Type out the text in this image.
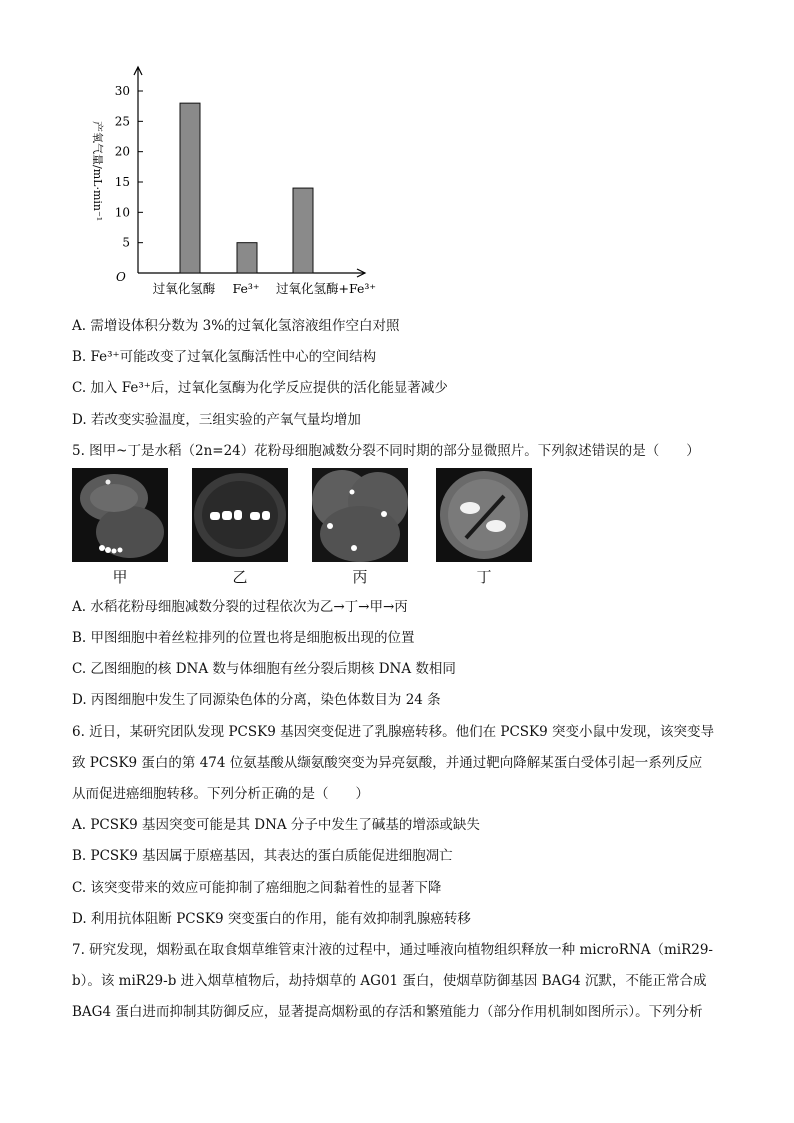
5
10
15
20
25
30
O
产氧气量/mL·min⁻¹
过氧化氢酶 Fe³⁺ 过氧化氢酶+Fe³⁺
A. 需增设体积分数为 3%的过氧化氢溶液组作空白对照
B. Fe³⁺可能改变了过氧化氢酶活性中心的空间结构
C. 加入 Fe³⁺后，过氧化氢酶为化学反应提供的活化能显著减少
D. 若改变实验温度，三组实验的产氧气量均增加
5. 图甲~丁是水稻（2n=24）花粉母细胞减数分裂不同时期的部分显微照片。下列叙述错误的是（　　）
甲	乙	丙	丁
A. 水稻花粉母细胞减数分裂的过程依次为乙→丁→甲→丙
B. 甲图细胞中着丝粒排列的位置也将是细胞板出现的位置
C. 乙图细胞的核 DNA 数与体细胞有丝分裂后期核 DNA 数相同
D. 丙图细胞中发生了同源染色体的分离，染色体数目为 24 条
6. 近日，某研究团队发现 PCSK9 基因突变促进了乳腺癌转移。他们在 PCSK9 突变小鼠中发现，该突变导
致 PCSK9 蛋白的第 474 位氨基酸从缬氨酸突变为异亮氨酸，并通过靶向降解某蛋白受体引起一系列反应
从而促进癌细胞转移。下列分析正确的是（　　）
A. PCSK9 基因突变可能是其 DNA 分子中发生了碱基的增添或缺失
B. PCSK9 基因属于原癌基因，其表达的蛋白质能促进细胞凋亡
C. 该突变带来的效应可能抑制了癌细胞之间黏着性的显著下降
D. 利用抗体阻断 PCSK9 突变蛋白的作用，能有效抑制乳腺癌转移
7. 研究发现，烟粉虱在取食烟草维管束汁液的过程中，通过唾液向植物组织释放一种 microRNA（miR29-
b）。该 miR29-b 进入烟草植物后，劫持烟草的 AG01 蛋白，使烟草防御基因 BAG4 沉默，不能正常合成
BAG4 蛋白进而抑制其防御反应，显著提高烟粉虱的存活和繁殖能力（部分作用机制如图所示）。下列分析
